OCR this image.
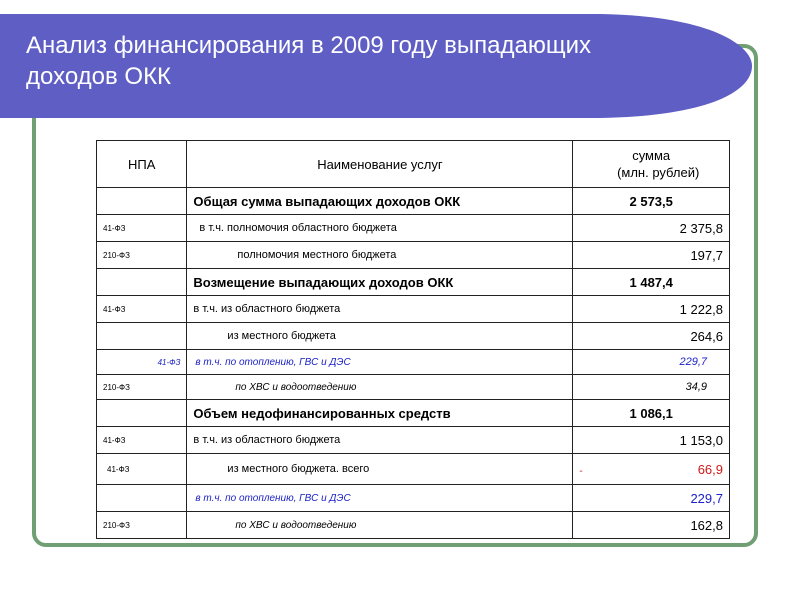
Анализ финансирования в 2009 году выпадающих
доходов ОКК
НПА	Наименование услуг	сумма
(млн. рублей)
	Общая сумма выпадающих доходов ОКК	2 573,5
41-ФЗ	в т.ч. полномочия областного бюджета	2 375,8
210-ФЗ	полномочия местного бюджета	197,7
	Возмещение выпадающих доходов ОКК	1 487,4
41-ФЗ	в т.ч. из областного бюджета	1 222,8
	из местного бюджета	264,6
41-ФЗ	в т.ч. по отоплению, ГВС и ДЭС	229,7
210-ФЗ	по ХВС и водоотведению	34,9
	Объем недофинансированных средств	1 086,1
41-ФЗ	в т.ч. из областного бюджета	1 153,0
41-ФЗ	из местного бюджета. всего	- 66,9

	в т.ч. по отоплению, ГВС и ДЭС	229,7
210-ФЗ	по ХВС и водоотведению	162,8
